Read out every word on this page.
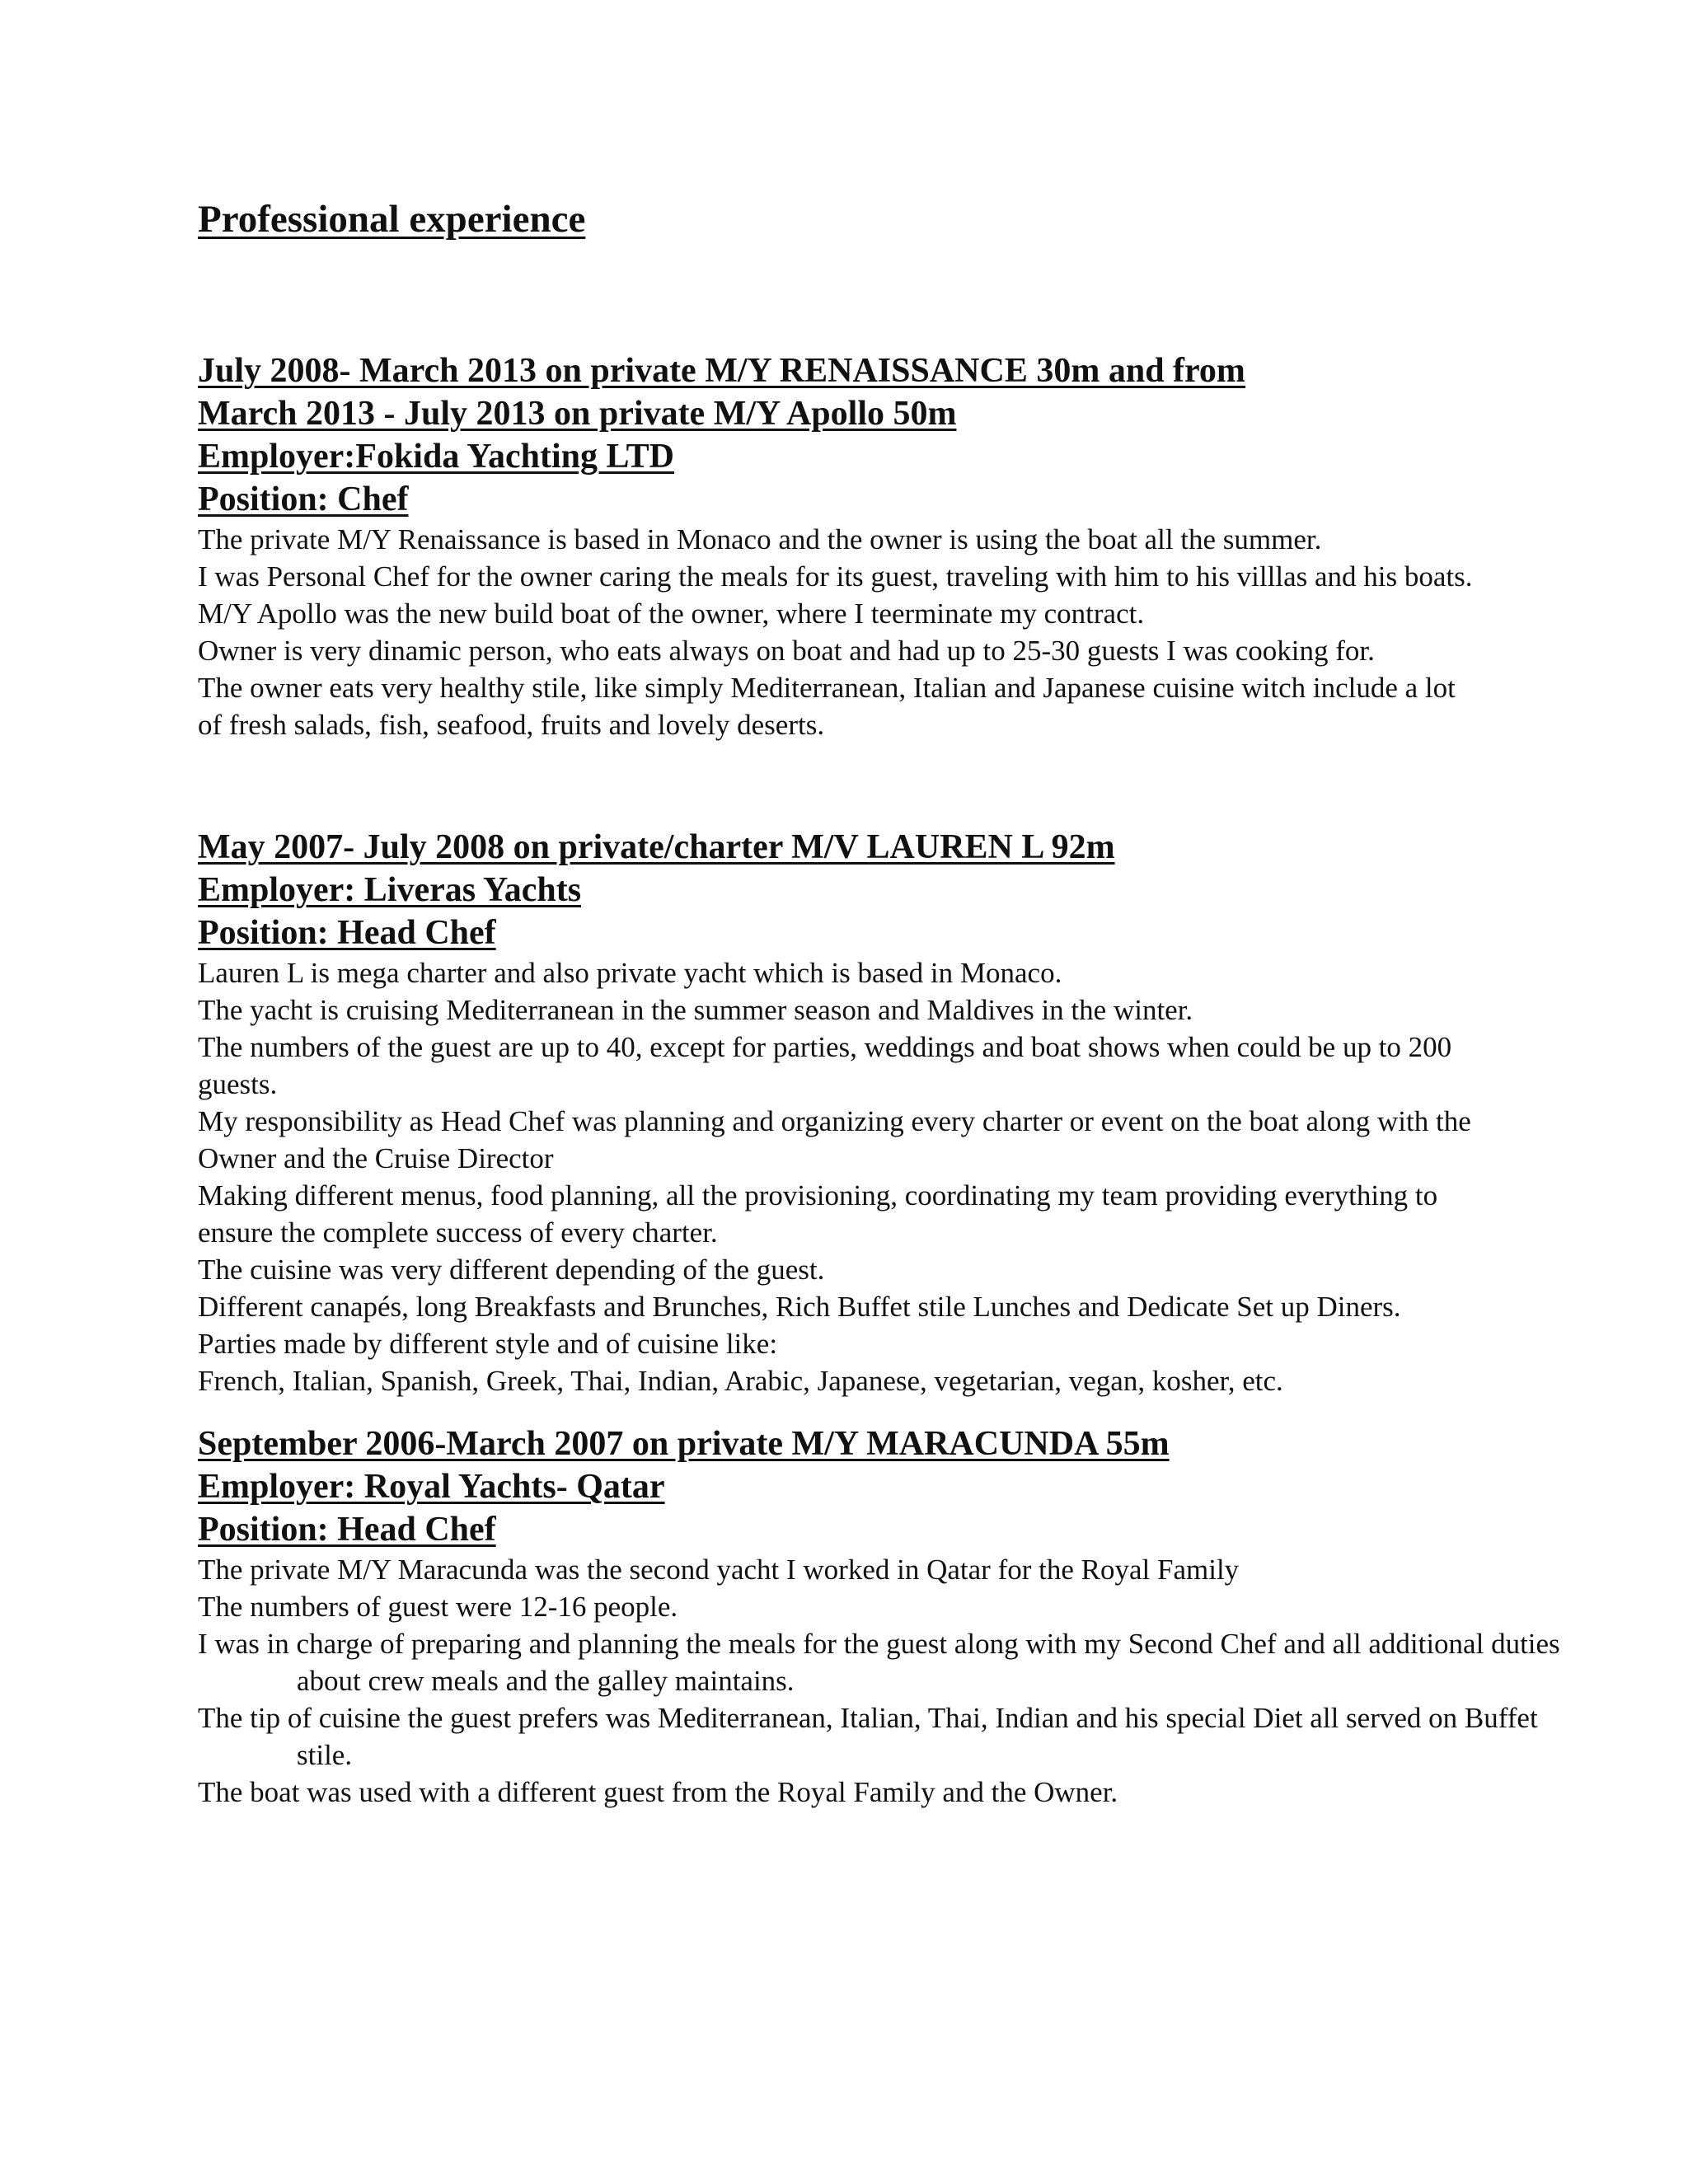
Professional experience

July 2008- March 2013 on private M/Y RENAISSANCE 30m and from

March 2013 - July 2013 on private M/Y Apollo 50m

Employer:Fokida Yachting LTD

Position: Chef

The private M/Y Renaissance is based in Monaco and the owner is using the boat all the summer.

I was Personal Chef for the owner caring the meals for its guest, traveling with him to his villlas and his boats.

M/Y Apollo was the new build boat of the owner, where I teerminate my contract.

Owner is very dinamic person, who eats always on boat and had up to 25-30 guests I was cooking for.

The owner eats very healthy stile, like simply Mediterranean, Italian and Japanese cuisine witch include a lot of fresh salads, fish, seafood, fruits and lovely deserts.

May 2007- July 2008 on private/charter M/V LAUREN L 92m

Employer: Liveras Yachts

Position: Head Chef

Lauren L is mega charter and also private yacht which is based in Monaco.

The yacht is cruising Mediterranean in the summer season and Maldives in the winter.

The numbers of the guest are up to 40, except for parties, weddings and boat shows when could be up to 200 guests.

My responsibility as Head Chef was planning and organizing every charter or event on the boat along with the Owner and the Cruise Director

Making different menus, food planning, all the provisioning, coordinating my team providing everything to ensure the complete success of every charter.

The cuisine was very different depending of the guest.

Different canapés, long Breakfasts and Brunches, Rich Buffet stile Lunches and Dedicate Set up Diners. Parties made by different style and of cuisine like:

French, Italian, Spanish, Greek, Thai, Indian, Arabic, Japanese, vegetarian, vegan, kosher, etc.

September 2006-March 2007 on private M/Y MARACUNDA 55m

Employer: Royal Yachts- Qatar

Position: Head Chef

The private M/Y Maracunda was the second yacht I worked in Qatar for the Royal Family

The numbers of guest were 12-16 people.

I was in charge of preparing and planning the meals for the guest along with my Second Chef and all additional duties about crew meals and the galley maintains.

The tip of cuisine the guest prefers was Mediterranean, Italian, Thai, Indian and his special Diet all served on Buffet stile.

The boat was used with a different guest from the Royal Family and the Owner.
